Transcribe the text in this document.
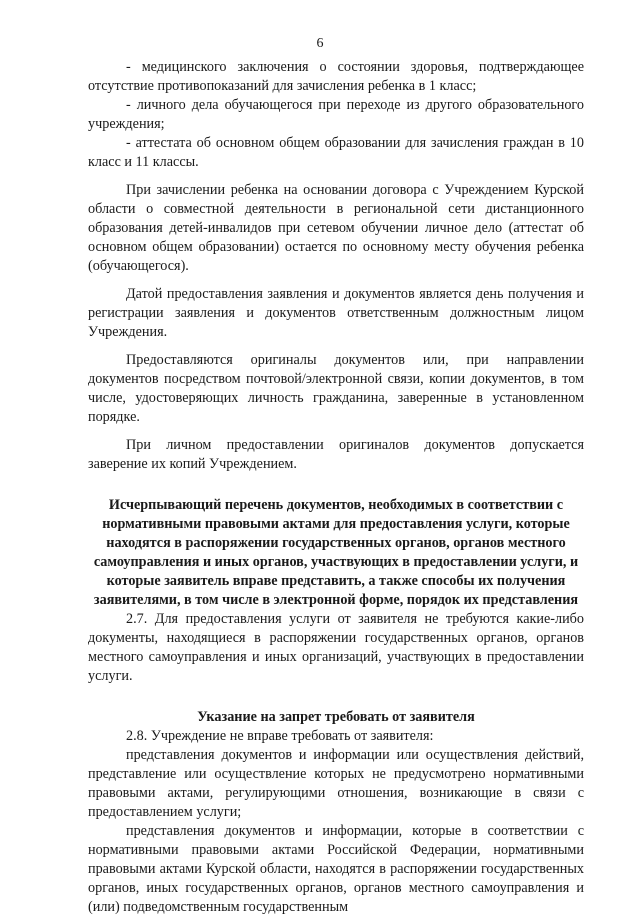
6

- медицинского заключения о состоянии здоровья, подтверждающее отсутствие противопоказаний для зачисления ребенка в 1 класс;

- личного дела обучающегося при переходе из другого образовательного учреждения;

- аттестата об основном общем образовании для зачисления граждан в 10 класс и 11 классы.

При зачислении ребенка на основании договора с Учреждением Курской области о совместной деятельности в региональной сети дистанционного образования детей-инвалидов при сетевом обучении личное дело (аттестат об основном общем образовании) остается по основному месту обучения ребенка (обучающегося).

Датой предоставления заявления и документов является день получения и регистрации заявления и документов ответственным должностным лицом Учреждения.

Предоставляются оригиналы документов или, при направлении документов посредством почтовой/электронной связи, копии документов, в том числе, удостоверяющих личность гражданина, заверенные в установленном порядке.

При личном предоставлении оригиналов документов допускается заверение их копий Учреждением.

Исчерпывающий перечень документов, необходимых в соответствии с нормативными правовыми актами для предоставления услуги, которые находятся в распоряжении государственных органов, органов местного самоуправления и иных органов, участвующих в предоставлении услуги, и которые заявитель вправе представить, а также способы их получения заявителями, в том числе в электронной форме, порядок их представления

2.7. Для предоставления услуги от заявителя не требуются какие-либо документы, находящиеся в распоряжении государственных органов, органов местного самоуправления и иных организаций, участвующих в предоставлении услуги.

Указание на запрет требовать от заявителя

2.8. Учреждение не вправе требовать от заявителя:

представления документов и информации или осуществления действий, представление или осуществление которых не предусмотрено нормативными правовыми актами, регулирующими отношения, возникающие в связи с предоставлением услуги;

представления документов и информации, которые в соответствии с нормативными правовыми актами Российской Федерации, нормативными правовыми актами Курской области, находятся в распоряжении государственных органов, иных государственных органов, органов местного самоуправления и (или) подведомственным государственным
